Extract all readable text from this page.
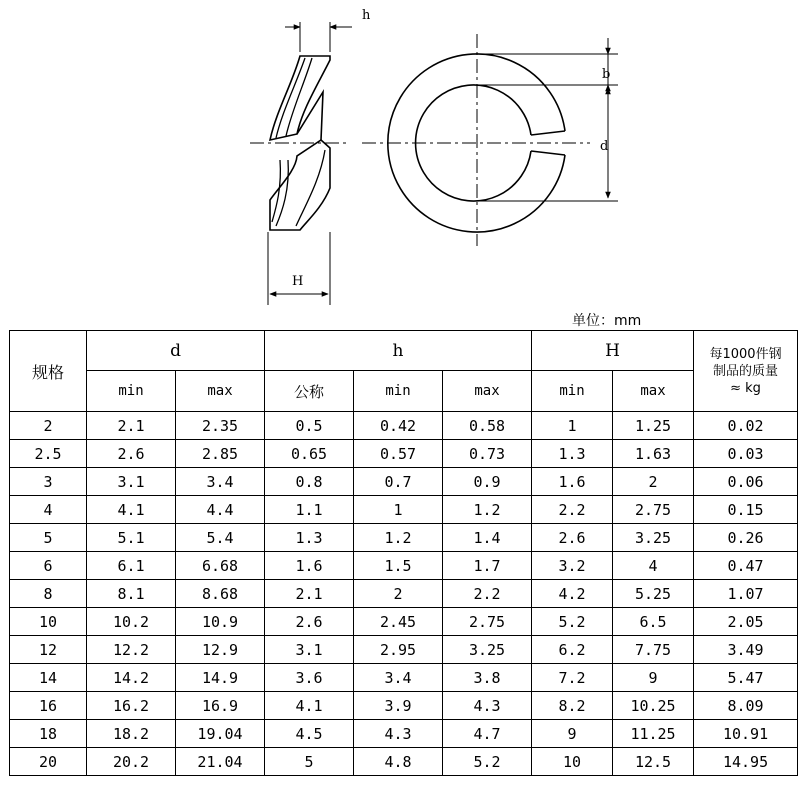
h
H
b
d
单位：mm
规格	d		h			H		每1000件钢
制品的质量
≈ kg
	min	max	公称	min	max	min	max	
2	2.1	2.35	0.5	0.42	0.58	1	1.25	0.02
2.5	2.6	2.85	0.65	0.57	0.73	1.3	1.63	0.03
3	3.1	3.4	0.8	0.7	0.9	1.6	2	0.06
4	4.1	4.4	1.1	1	1.2	2.2	2.75	0.15
5	5.1	5.4	1.3	1.2	1.4	2.6	3.25	0.26
6	6.1	6.68	1.6	1.5	1.7	3.2	4	0.47
8	8.1	8.68	2.1	2	2.2	4.2	5.25	1.07
10	10.2	10.9	2.6	2.45	2.75	5.2	6.5	2.05
12	12.2	12.9	3.1	2.95	3.25	6.2	7.75	3.49
14	14.2	14.9	3.6	3.4	3.8	7.2	9	5.47
16	16.2	16.9	4.1	3.9	4.3	8.2	10.25	8.09
18	18.2	19.04	4.5	4.3	4.7	9	11.25	10.91
20	20.2	21.04	5	4.8	5.2	10	12.5	14.95
